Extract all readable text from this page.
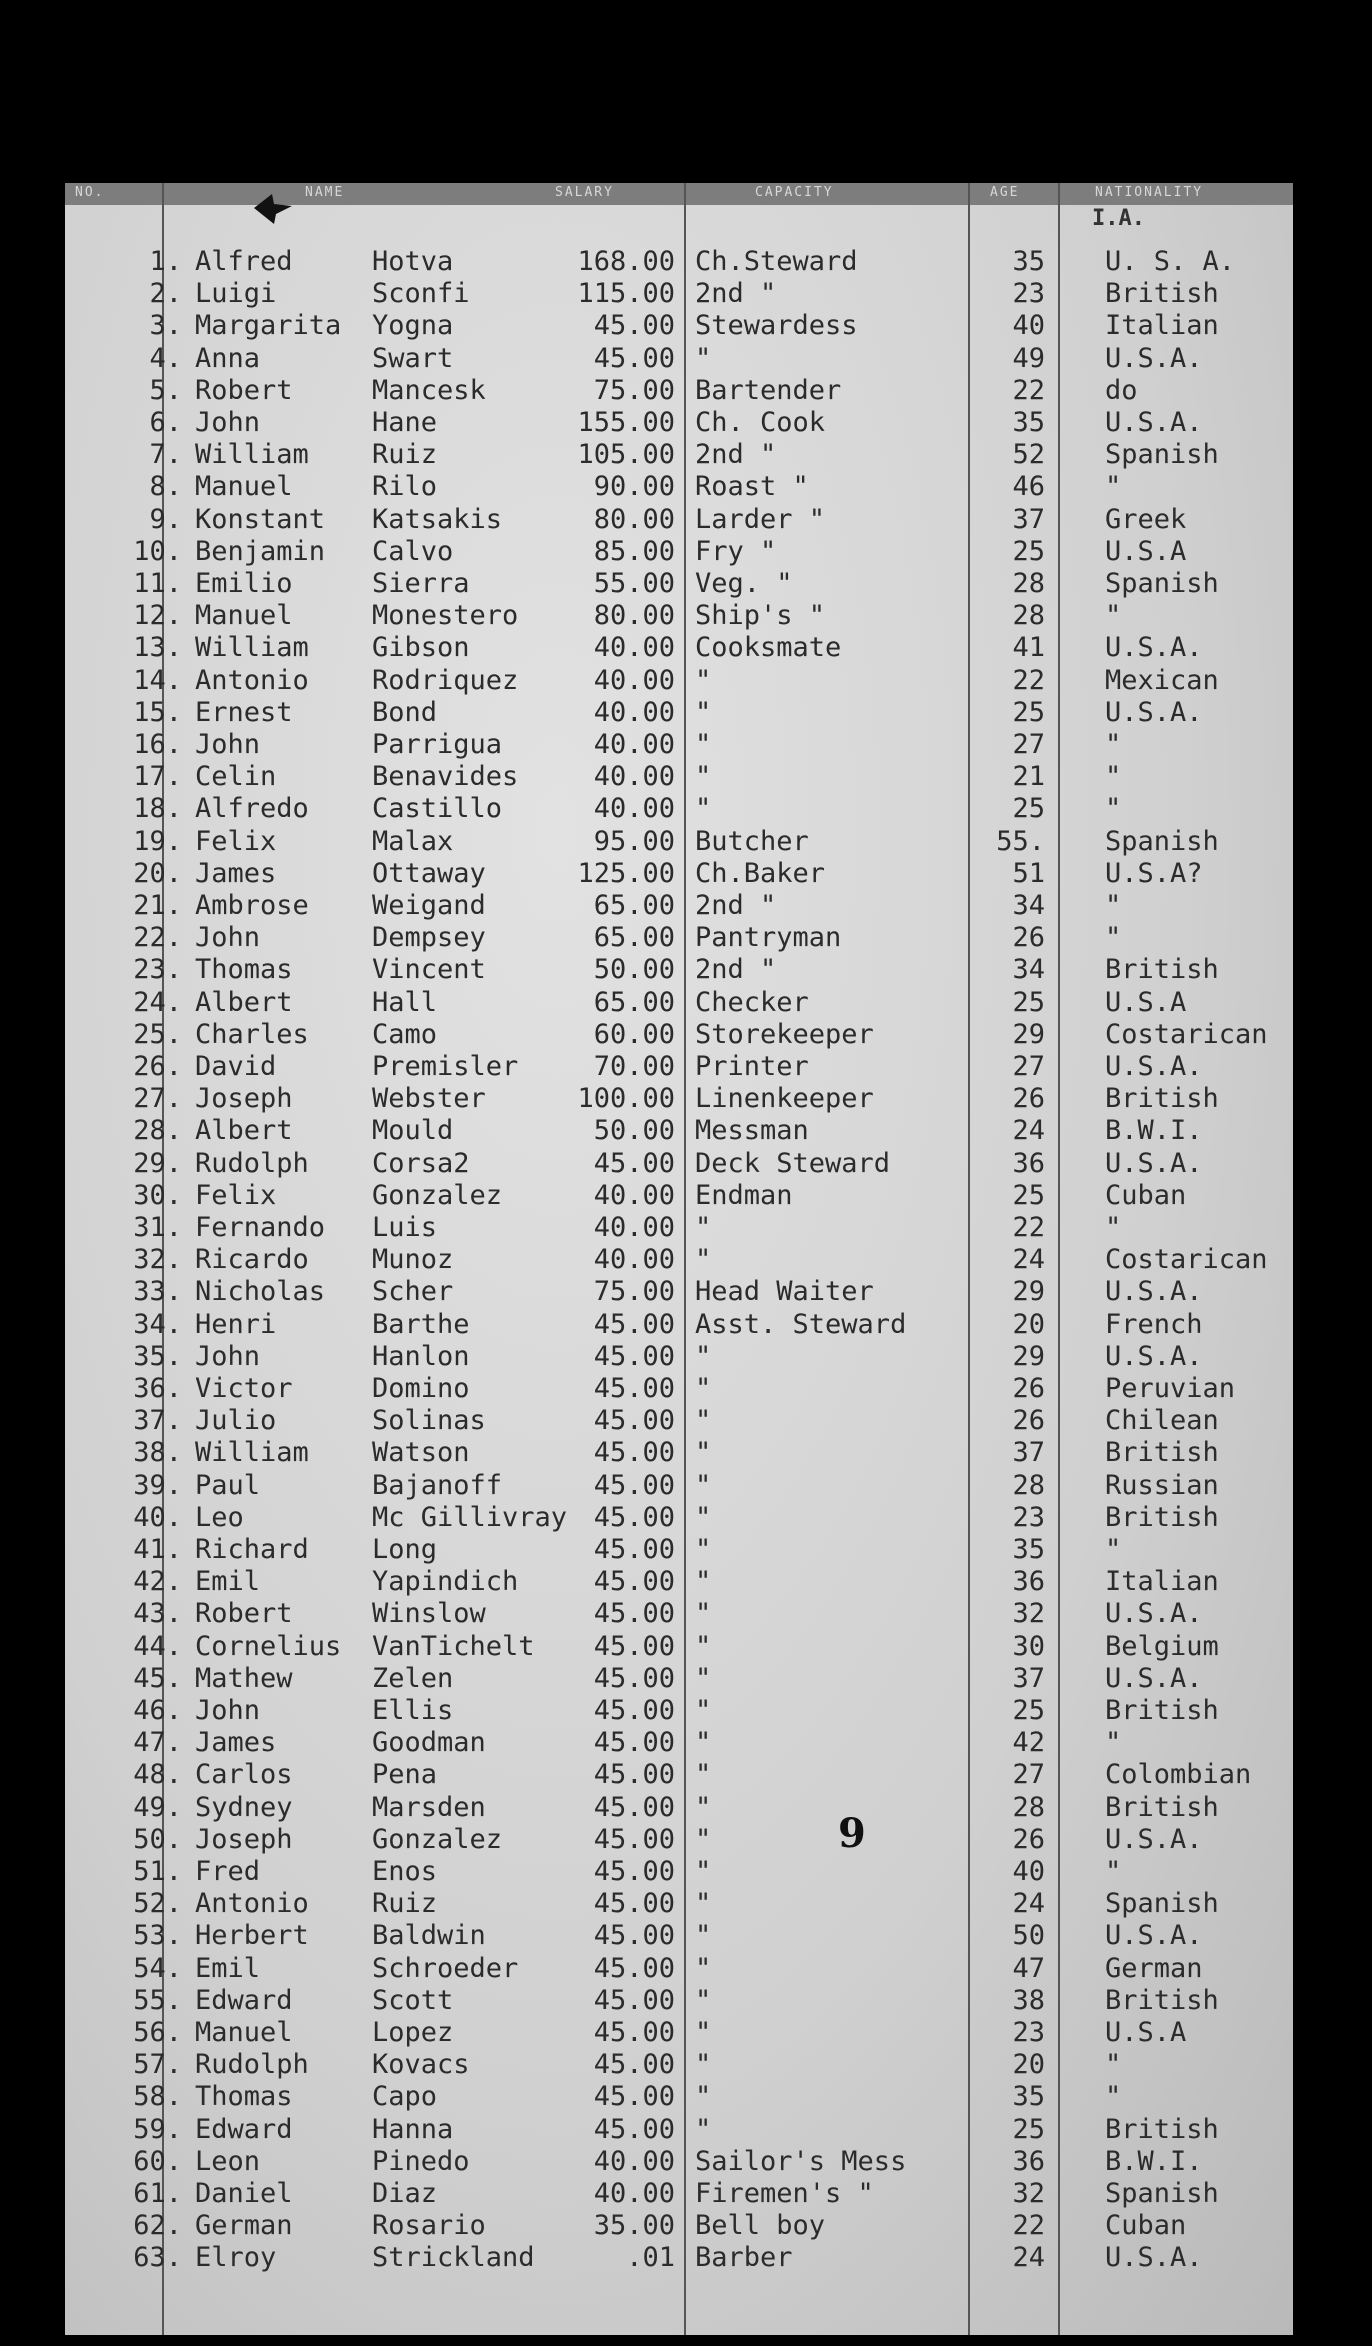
NO.	NAME	SALARY	CAPACITY	AGE	NATIONALITY
I.A.
1. Alfred	Hotva	168.00 Ch.Steward	35 U. S. A.
2. Luigi	Sconfi	115.00 2nd "	23 British
3. Margarita Yogna	45.00 Stewardess	40 Italian
4. Anna	Swart	45.00 "	49 U.S.A.
5. Robert	Mancesk	75.00 Bartender	22 do
6. John	Hane	155.00 Ch. Cook	35 U.S.A.
7. William Ruiz	105.00 2nd "	52 Spanish
8. Manuel	Rilo	90.00 Roast "	46 "
9. Konstant Katsakis	80.00 Larder "	37 Greek
10. Benjamin Calvo	85.00 Fry "	25 U.S.A
11. Emilio	Sierra	55.00 Veg. "	28 Spanish
12. Manuel	Monestero	80.00 Ship's "	28 "
13. William Gibson	40.00 Cooksmate	41 U.S.A.
14. Antonio Rodriquez	40.00 "	22 Mexican
15. Ernest	Bond	40.00 "	25 U.S.A.
16. John	Parrigua	40.00 "	27 "
17. Celin	Benavides	40.00 "	21 "
18. Alfredo Castillo	40.00 "	25 "
19. Felix	Malax	95.00 Butcher	55. Spanish
20. James	Ottaway	125.00 Ch.Baker	51 U.S.A?
21. Ambrose Weigand	65.00 2nd "	34 "
22. John	Dempsey	65.00 Pantryman	26 "
23. Thomas	Vincent	50.00 2nd "	34 British
24. Albert	Hall	65.00 Checker	25 U.S.A
25. Charles Camo	60.00 Storekeeper	29 Costarican
26. David	Premisler	70.00 Printer	27 U.S.A.
27. Joseph	Webster	100.00 Linenkeeper	26 British
28. Albert	Mould	50.00 Messman	24 B.W.I.
29. Rudolph Corsa2	45.00 Deck Steward	36 U.S.A.
30. Felix	Gonzalez	40.00 Endman	25 Cuban
31. Fernando Luis	40.00 "	22 "
32. Ricardo Munoz	40.00 "	24 Costarican
33. Nicholas Scher	75.00 Head Waiter	29 U.S.A.
34. Henri	Barthe	45.00 Asst. Steward	20 French
35. John	Hanlon	45.00 "	29 U.S.A.
36. Victor	Domino	45.00 "	26 Peruvian
37. Julio	Solinas	45.00 "	26 Chilean
38. William Watson	45.00 "	37 British
39. Paul	Bajanoff	45.00 "	28 Russian
40. Leo	Mc Gillivray 45.00 "	23 British
41. Richard Long	45.00 "	35 "
42. Emil	Yapindich	45.00 "	36 Italian
43. Robert	Winslow	45.00 "	32 U.S.A.
44. Cornelius VanTichelt	45.00 "	30 Belgium
45. Mathew	Zelen	45.00 "	37 U.S.A.
46. John	Ellis	45.00 "	25 British
47. James	Goodman	45.00 "	42 "
48. Carlos	Pena	45.00 "	27 Colombian
49. Sydney	Marsden	45.00 "	28 British
50. Joseph	Gonzalez	45.00 "	26 U.S.A.
51. Fred	Enos	45.00 "	40 "
52. Antonio Ruiz	45.00 "	24 Spanish
53. Herbert Baldwin	45.00 "	50 U.S.A.
54. Emil	Schroeder	45.00 "	47 German
55. Edward	Scott	45.00 "	38 British
56. Manuel	Lopez	45.00 "	23 U.S.A
57. Rudolph Kovacs	45.00 "	20 "
58. Thomas	Capo	45.00 "	35 "
59. Edward	Hanna	45.00 "	25 British
60. Leon	Pinedo	40.00 Sailor's Mess	36 B.W.I.
61. Daniel	Diaz	40.00 Firemen's "	32 Spanish
62. German	Rosario	35.00 Bell boy	22 Cuban
63. Elroy	Strickland	.01 Barber	24 U.S.A.
9
